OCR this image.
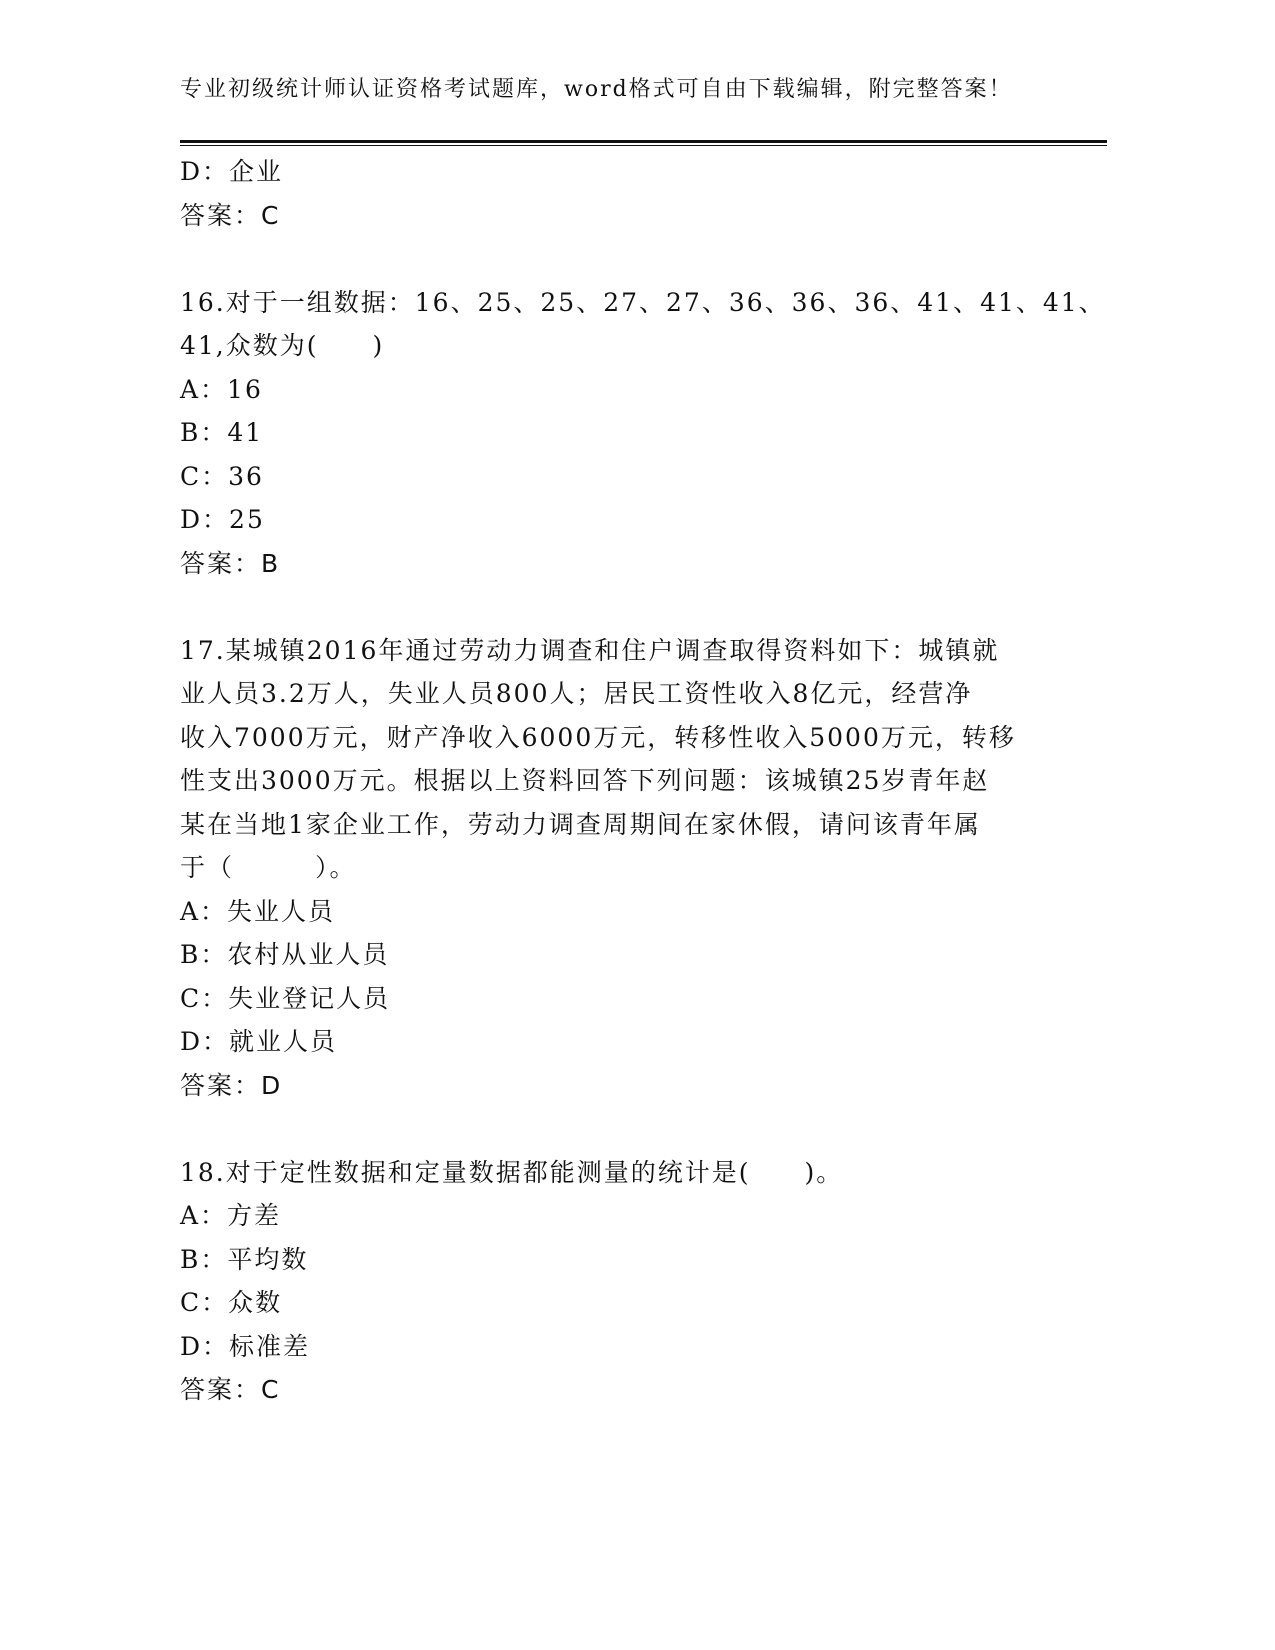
专业初级统计师认证资格考试题库，word格式可自由下载编辑，附完整答案！
D：企业
答案：C
16.对于一组数据：16、25、25、27、27、36、36、36、41、41、41、
41,众数为(　　)
A：16
B：41
C：36
D：25
答案：B
17.某城镇2016年通过劳动力调查和住户调查取得资料如下：城镇就
业人员3.2万人，失业人员800人；居民工资性收入8亿元，经营净
收入7000万元，财产净收入6000万元，转移性收入5000万元，转移
性支出3000万元。根据以上资料回答下列问题：该城镇25岁青年赵
某在当地1家企业工作，劳动力调查周期间在家休假，请问该青年属
于（　　　）。
A：失业人员
B：农村从业人员
C：失业登记人员
D：就业人员
答案：D
18.对于定性数据和定量数据都能测量的统计是(　　)。
A：方差
B：平均数
C：众数
D：标准差
答案：C
